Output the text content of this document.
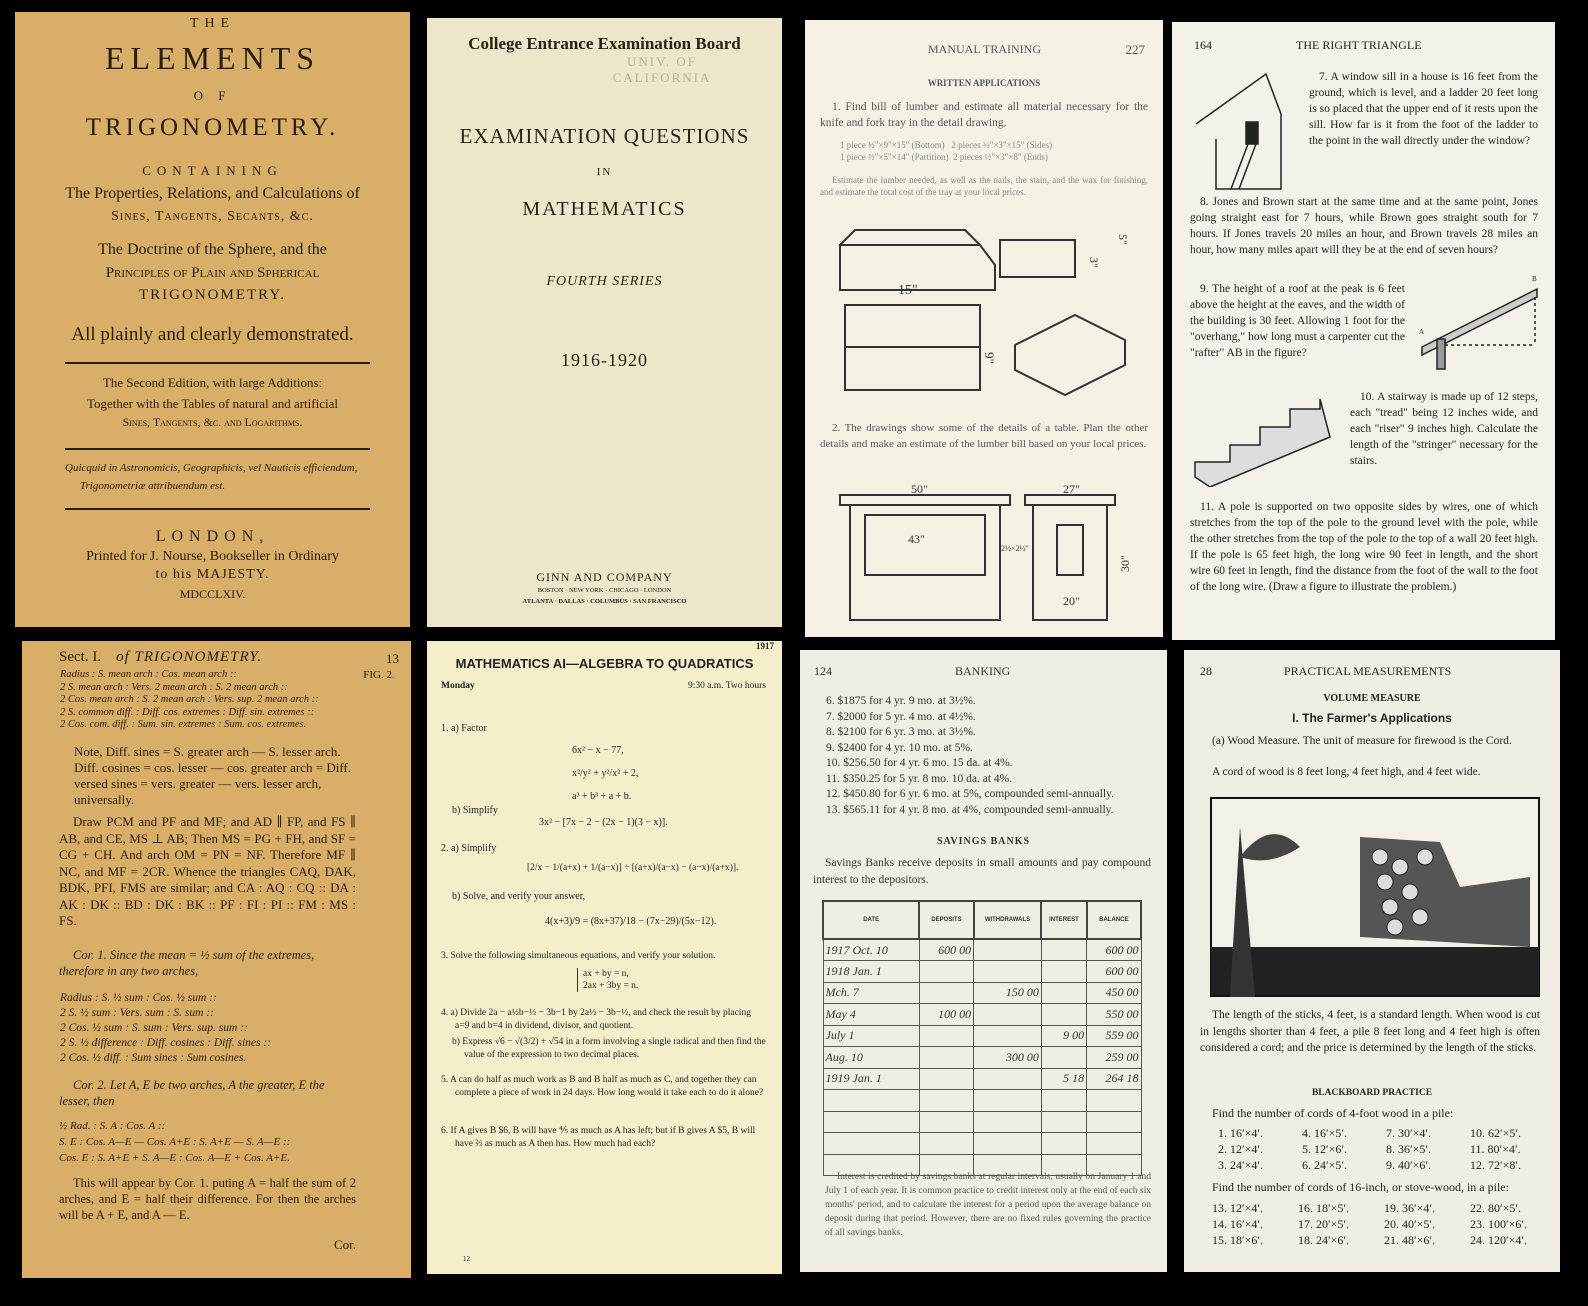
THE
ELEMENTS
O F
TRIGONOMETRY.
CONTAINING
The Properties, Relations, and Calculations of
Sines, Tangents, Secants, &c.
The Doctrine of the Sphere, and the
Principles of Plain and Spherical
TRIGONOMETRY.
All plainly and clearly demonstrated.
The Second Edition, with large Additions:
Together with the Tables of natural and artificial
Sines, Tangents, &c. and Logarithms.
Quicquid in Astronomicis, Geographicis, vel Nauticis efficiendum,
Trigonometriæ attribuendum est.
LONDON,
Printed for J. Nourse, Bookseller in Ordinary
to his MAJESTY.
MDCCLXIV.
College Entrance Examination Board
UNIV. OF
CALIFORNIA
EXAMINATION QUESTIONS
IN
MATHEMATICS
FOURTH SERIES
1916-1920
GINN AND COMPANY
BOSTON · NEW YORK · CHICAGO · LONDON
ATLANTA · DALLAS · COLUMBUS · SAN FRANCISCO
MANUAL TRAINING	227
WRITTEN APPLICATIONS
1. Find bill of lumber and estimate all material necessary for the knife and fork tray in the detail drawing.
1 piece ½"×9"×15" (Bottom) 2 pieces ½"×3"×15" (Sides)
1 piece ½"×5"×14" (Partition) 2 pieces ½"×3"×8" (Ends)
Estimate the lumber needed, as well as the nails, the stain, and the wax for finishing, and estimate the total cost of the tray at your local prices.
15"
9"
3"
5"
2. The drawings show some of the details of a table. Plan the other details and make an estimate of the lumber bill based on your local prices.
50"	27"
43"
2½×2½"
30"
20"
164	THE RIGHT TRIANGLE
7. A window sill in a house is 16 feet from the ground, which is level, and a ladder 20 feet long is so placed that the upper end of it rests upon the sill. How far is it from the foot of the ladder to the point in the wall directly under the window?
8. Jones and Brown start at the same time and at the same point, Jones going straight east for 7 hours, while Brown goes straight south for 7 hours. If Jones travels 20 miles an hour, and Brown travels 28 miles an hour, how many miles apart will they be at the end of seven hours?
9. The height of a roof at the peak is 6 feet above the height at the eaves, and the width of the building is 30 feet. Allowing 1 foot for the "overhang," how long must a carpenter cut the "rafter" AB in the figure?
A
B
10. A stairway is made up of 12 steps, each "tread" being 12 inches wide, and each "riser" 9 inches high. Calculate the length of the "stringer" necessary for the stairs.
11. A pole is supported on two opposite sides by wires, one of which stretches from the top of the pole to the ground level with the pole, while the other stretches from the top of the pole to the top of a wall 20 feet high. If the pole is 65 feet high, the long wire 90 feet in length, and the short wire 60 feet in length, find the distance from the foot of the wall to the foot of the long wire. (Draw a figure to illustrate the problem.)
Sect. I. of TRIGONOMETRY.	13
FIG. 2.
Radius : S. mean arch : Cos. mean arch ::
2 S. mean arch : Vers. 2 mean arch : S. 2 mean arch ::
2 Cos. mean arch : S. 2 mean arch : Vers. sup. 2 mean arch ::
2 S. common diff. : Diff. cos. extremes : Diff. sin. extremes ::
2 Cos. com. diff. : Sum. sin. extremes : Sum. cos. extremes.
Note, Diff. sines = S. greater arch — S. lesser arch. Diff. cosines = cos. lesser — cos. greater arch = Diff. versed sines = vers. greater — vers. lesser arch, universally.
Draw PCM and PF and MF; and AD ∥ FP, and FS ∥ AB, and CE, MS ⊥ AB; Then MS = PG + FH, and SF = CG + CH. And arch OM = PN = NF. Therefore MF ∥ NC, and MF = 2CR. Whence the triangles CAQ, DAK, BDK, PFI, FMS are similar; and CA : AQ : CQ :: DA : AK : DK :: BD : DK : BK :: PF : FI : PI :: FM : MS : FS.
Cor. 1. Since the mean = ½ sum of the extremes, therefore in any two arches,
Radius : S. ½ sum : Cos. ½ sum ::
2 S. ½ sum : Vers. sum : S. sum ::
2 Cos. ½ sum : S. sum : Vers. sup. sum ::
2 S. ½ difference : Diff. cosines : Diff. sines ::
2 Cos. ½ diff. : Sum sines : Sum cosines.
Cor. 2. Let A, E be two arches, A the greater, E the lesser, then
½ Rad. : S. A : Cos. A ::
S. E : Cos. A—E — Cos. A+E : S. A+E — S. A—E ::
Cos. E : S. A+E + S. A—E : Cos. A—E + Cos. A+E.
This will appear by Cor. 1. puting A = half the sum of 2 arches, and E = half their difference. For then the arches will be A + E, and A — E.
Cor.
1917
MATHEMATICS AI—ALGEBRA TO QUADRATICS
Monday	9:30 a.m. Two hours
1. a) Factor
6x² − x − 77,
x²/y² + y²/x² + 2,
a³ + b³ + a + b.
b) Simplify
3x² − [7x − 2 − (2x − 1)(3 − x)].
2. a) Simplify
[2/x − 1/(a+x) + 1/(a−x)] ÷ [(a+x)/(a−x) − (a−x)/(a+x)].
b) Solve, and verify your answer,
4(x+3)/9 = (8x+37)/18 − (7x−29)/(5x−12).
3. Solve the following simultaneous equations, and verify your solution.
ax + by = n,
2ax + 3by = n.
4. a) Divide 2a − a½b−½ − 3b−1 by 2a½ − 3b−½, and check the result by placing a=9 and b=4 in dividend, divisor, and quotient.
b) Express √6 − √(3/2) + √54 in a form involving a single radical and then find the value of the expression to two decimal places.
5. A can do half as much work as B and B half as much as C, and together they can complete a piece of work in 24 days. How long would it take each to do it alone?
6. If A gives B $6, B will have ⅘ as much as A has left; but if B gives A $5, B will have ⅔ as much as A then has. How much had each?
12
124	BANKING
6. $1875 for 4 yr. 9 mo. at 3½%.
7. $2000 for 5 yr. 4 mo. at 4½%.
8. $2100 for 6 yr. 3 mo. at 3½%.
9. $2400 for 4 yr. 10 mo. at 5%.
10. $256.50 for 4 yr. 6 mo. 15 da. at 4%.
11. $350.25 for 5 yr. 8 mo. 10 da. at 4%.
12. $450.80 for 6 yr. 6 mo. at 5%, compounded semi-annually.
13. $565.11 for 4 yr. 8 mo. at 4%, compounded semi-annually.
SAVINGS BANKS
Savings Banks receive deposits in small amounts and pay compound interest to the depositors.
DATE	DEPOSITS	WITHDRAWALS	INTEREST	BALANCE
1917 Oct. 10	600 00			600 00
1918 Jan. 1				600 00
Mch. 7		150 00		450 00
May 4	100 00			550 00
July 1			9 00	559 00
Aug. 10		300 00		259 00
1919 Jan. 1			5 18	264 18

Interest is credited by savings banks at regular intervals, usually on January 1 and July 1 of each year. It is common practice to credit interest only at the end of each six months' period, and to calculate the interest for a period upon the average balance on deposit during that period. However, there are no fixed rules governing the practice of all savings banks.
28	PRACTICAL MEASUREMENTS
VOLUME MEASURE
I. The Farmer's Applications
(a) Wood Measure. The unit of measure for firewood is the Cord.
A cord of wood is 8 feet long, 4 feet high, and 4 feet wide.
The length of the sticks, 4 feet, is a standard length. When wood is cut in lengths shorter than 4 feet, a pile 8 feet long and 4 feet high is often considered a cord; and the price is determined by the length of the sticks.
BLACKBOARD PRACTICE
Find the number of cords of 4-foot wood in a pile:
1. 16′×4′.	4. 16′×5′.	7. 30′×4′.	10. 62′×5′.
2. 12′×4′.	5. 12′×6′.	8. 36′×5′.	11. 80′×4′.
3. 24′×4′.	6. 24′×5′.	9. 40′×6′.	12. 72′×8′.
Find the number of cords of 16-inch, or stove-wood, in a pile:
13. 12′×4′.	16. 18′×5′.	19. 36′×4′.	22. 80′×5′.
14. 16′×4′.	17. 20′×5′.	20. 40′×5′.	23. 100′×6′.
15. 18′×6′.	18. 24′×6′.	21. 48′×6′.	24. 120′×4′.
